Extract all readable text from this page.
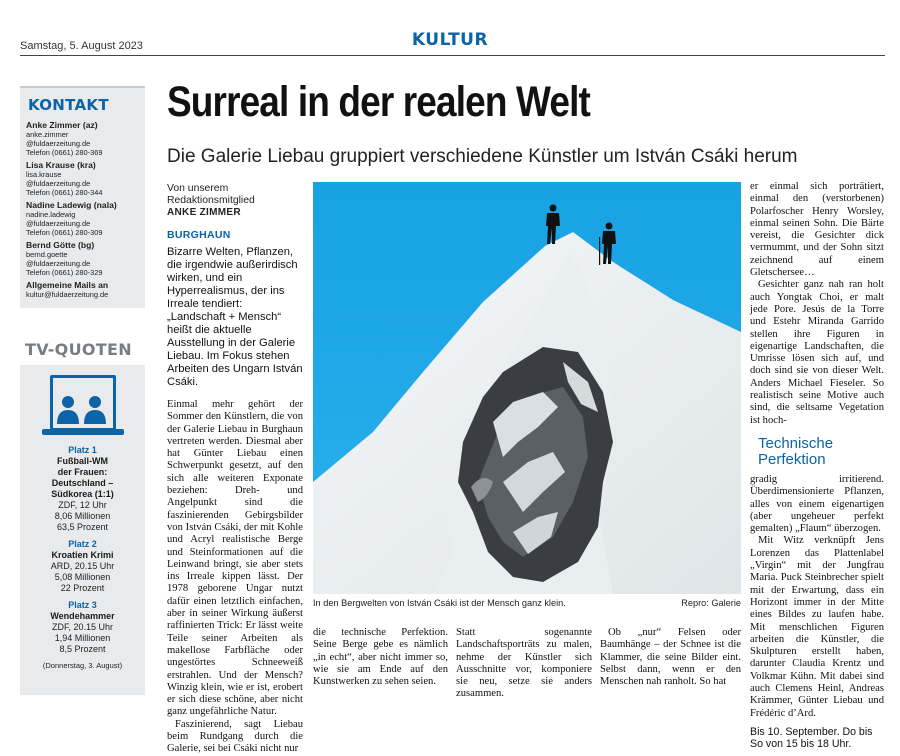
Samstag, 5. August 2023	KULTUR
KONTAKT
Anke Zimmer (az)
anke.zimmer
@fuldaerzeitung.de
Telefon (0661) 280-369
Lisa Krause (kra)
lisa.krause
@fuldaerzeitung.de
Telefon (0661) 280-344
Nadine Ladewig (nala)
nadine.ladewig
@fuldaerzeitung.de
Telefon (0661) 280-309
Bernd Götte (bg)
bernd.goette
@fuldaerzeitung.de
Telefon (0661) 280-329
Allgemeine Mails an
kultur@fuldaerzeitung.de
TV-QUOTEN
Platz 1
Fußball-WM
der Frauen:
Deutschland –
Südkorea (1:1)
ZDF, 12 Uhr
8,06 Millionen
63,5 Prozent
Platz 2
Kroatien Krimi
ARD, 20.15 Uhr
5,08 Millionen
22 Prozent
Platz 3
Wendehammer
ZDF, 20.15 Uhr
1,94 Millionen
8,5 Prozent
(Donnerstag, 3. August)
Surreal in der realen Welt
Die Galerie Liebau gruppiert verschiedene Künstler um István Csáki herum
Von unserem
Redaktionsmitglied
ANKE ZIMMER
BURGHAUN
Bizarre Welten, Pflanzen, die irgendwie außerirdisch wirken, und ein Hyperrealismus, der ins Irreale tendiert: „Landschaft + Mensch“ heißt die aktuelle Ausstellung in der Galerie Liebau. Im Fokus stehen Arbeiten des Ungarn István Csáki.

Einmal mehr gehört der Sommer den Künstlern, die von der Galerie Liebau in Burghaun vertreten werden. Diesmal aber hat Günter Liebau einen Schwerpunkt gesetzt, auf den sich alle weiteren Exponate beziehen: Dreh- und Angelpunkt sind die faszinierenden Gebirgsbilder von István Csáki, der mit Kohle und Acryl realistische Berge und Steinformationen auf die Leinwand bringt, sie aber stets ins Irreale kippen lässt. Der 1978 geborene Ungar nutzt dafür einen letztlich einfachen, aber in seiner Wirkung äußerst raffinierten Trick: Er lässt weite Teile seiner Arbeiten als makellose Farbfläche oder ungestörtes Schneeweiß erstrahlen. Und der Mensch? Winzig klein, wie er ist, erobert er sich diese schöne, aber nicht ganz ungefährliche Natur.

Faszinierend, sagt Liebau beim Rundgang durch die Galerie, sei bei Csáki nicht nur

In den Bergwelten von István Csáki ist der Mensch ganz klein.	Repro: Galerie

die technische Perfektion. Seine Berge gebe es nämlich „in echt“, aber nicht immer so, wie sie am Ende auf den Kunstwerken zu sehen seien.

Statt sogenannte Landschaftsporträts zu malen, nehme der Künstler sich Ausschnitte vor, komponiere sie neu, setze sie anders zusammen.

Ob „nur“ Felsen oder Baumhänge – der Schnee ist die Klammer, die seine Bilder eint. Selbst dann, wenn er den Menschen nah ranholt. So hat

er einmal sich porträtiert, einmal den (verstorbenen) Polarfoscher Henry Worsley, einmal seinen Sohn. Die Bärte vereist, die Gesichter dick vermummt, und der Sohn sitzt zeichnend auf einem Gletschersee…

Gesichter ganz nah ran holt auch Yongtak Choi, er malt jede Pore. Jesús de la Torre und Estehr Miranda Garrido stellen ihre Figuren in eigenartige Landschaften, die Umrisse lösen sich auf, und doch sind sie von dieser Welt. Anders Michael Fieseler. So realistisch seine Motive auch sind, die seltsame Vegetation ist hoch-

Technische
Perfektion

gradig irritierend. Überdimensionierte Pflanzen, alles von einem eigenartigen (aber ungeheuer perfekt gemalten) „Flaum“ überzogen.

Mit Witz verknüpft Jens Lorenzen das Plattenlabel „Virgin“ mit der Jungfrau Maria. Puck Steinbrecher spielt mit der Erwartung, dass ein Horizont immer in der Mitte eines Bildes zu laufen habe. Mit menschlichen Figuren arbeiten die Künstler, die Skulpturen erstellt haben, darunter Claudia Krentz und Volkmar Kühn. Mit dabei sind auch Clemens Heinl, Andreas Krämmer, Günter Liebau und Frédéric d’Ard.

Bis 10. September. Do bis So von 15 bis 18 Uhr.
